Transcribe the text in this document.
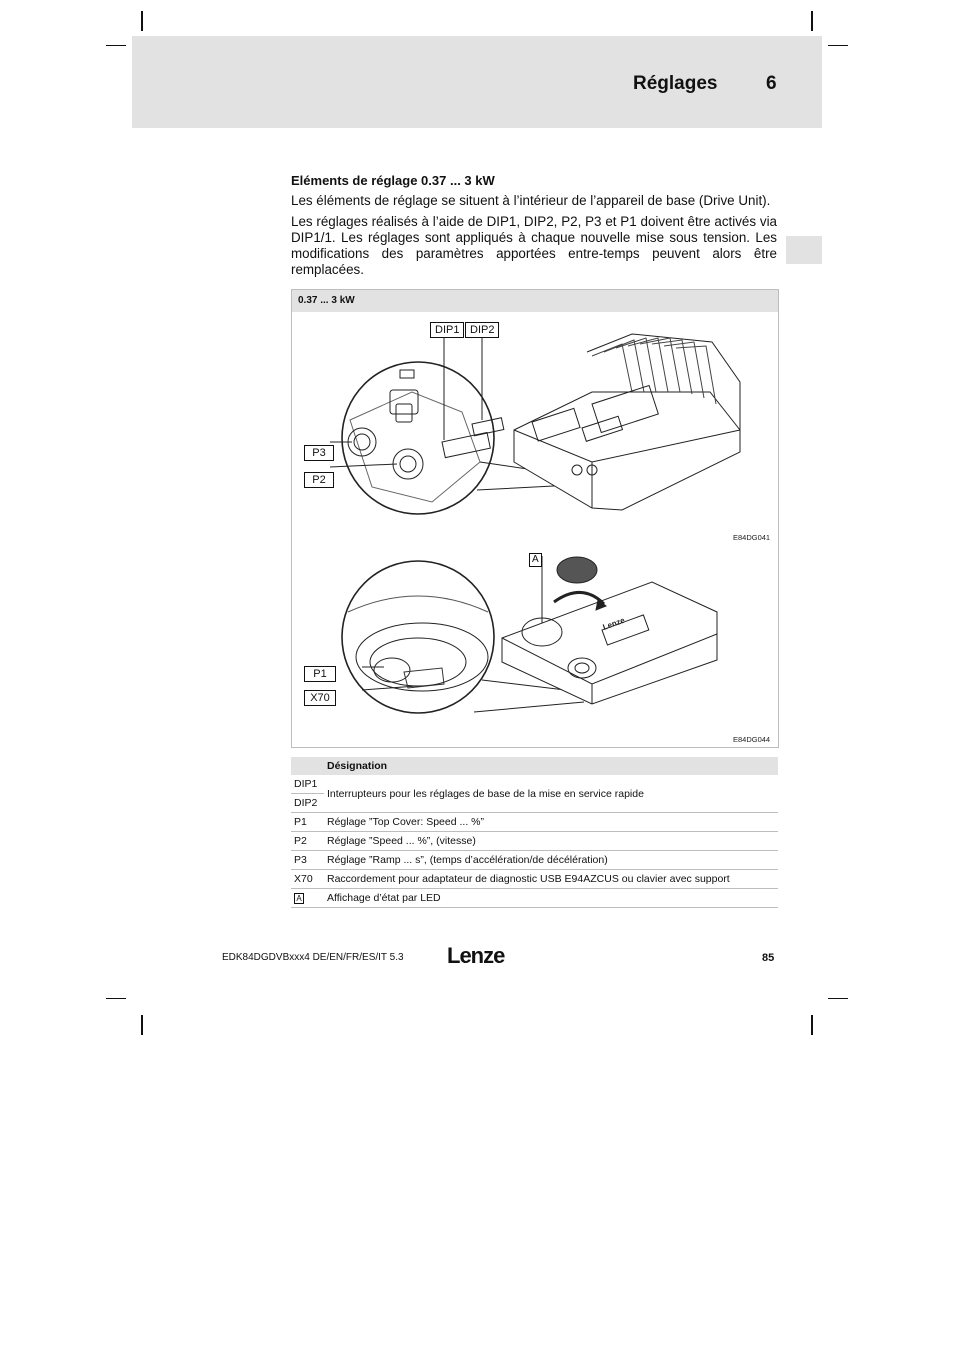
Réglages	6
Eléments de réglage 0.37 ... 3 kW
Les éléments de réglage se situent à l’intérieur de l’appareil de base (Drive Unit).
Les réglages réalisés à l’aide de DIP1, DIP2, P2, P3 et P1 doivent être activés via DIP1/1. Les réglages sont appliqués à chaque nouvelle mise sous tension. Les modifications des paramètres apportées entre-temps peuvent alors être remplacées.
0.37 ... 3 kW
Lenze
DIP1 DIP2
P3
P2
E84DG041
A
P1
X70
E84DG044
	Désignation
DIP1	Interrupteurs pour les réglages de base de la mise en service rapide
DIP2	
P1	Réglage ”Top Cover: Speed ... %”
P2	Réglage ”Speed ... %”, (vitesse)
P3	Réglage ”Ramp ... s”, (temps d’accélération/de décélération)
X70	Raccordement pour adaptateur de diagnostic USB E94AZCUS ou clavier avec support
A	Affichage d’état par LED
EDK84DGDVBxxx4 DE/EN/FR/ES/IT 5.3 Lenze	85
